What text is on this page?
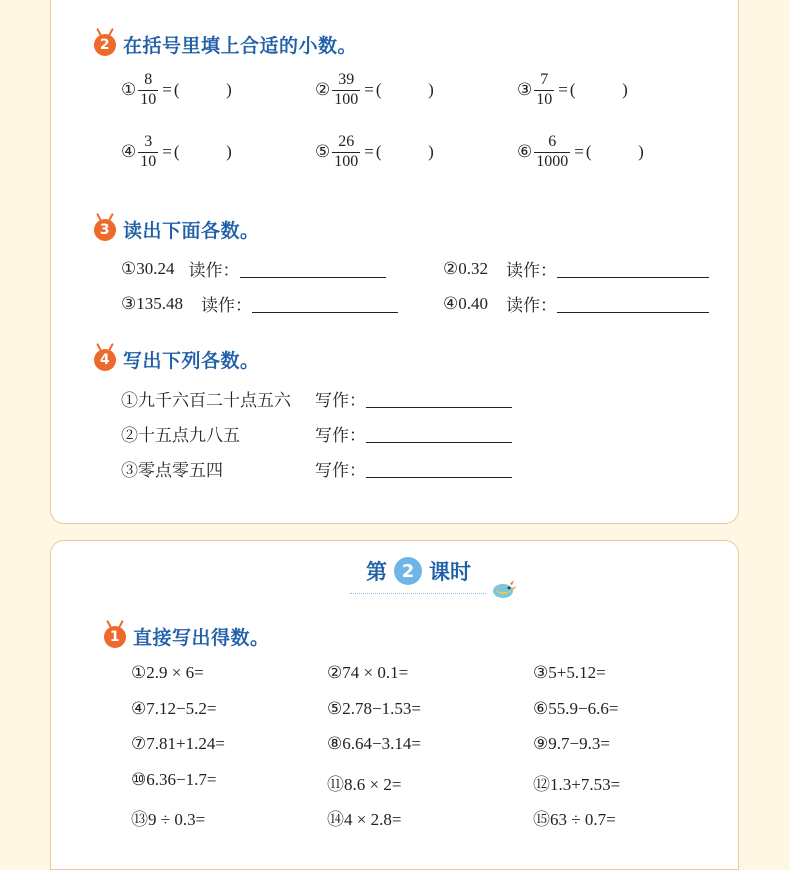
2 在括号里填上合适的小数。
① $\frac{8}{10}$ = (	)	② $\frac{39}{100}$ = (	)	③ $\frac{7}{10}$ = (	)
④ $\frac{3}{10}$ = (	)	⑤ $\frac{26}{100}$ = (	)	⑥ $\frac{6}{1000}$ = (	)
3 读出下面各数。
①30.24 读作：	②0.32 读作：
③135.48 读作：	④0.40 读作：
4 写出下列各数。
①九千六百二十点五六	写作：
②十五点九八五	写作：
③零点零五四	写作：
第 2 课时
1 直接写出得数。
①2.9 × 6=	②74 × 0.1=	③5+5.12=
④7.12−5.2=	⑤2.78−1.53=	⑥55.9−6.6=
⑦7.81+1.24=	⑧6.64−3.14=	⑨9.7−9.3=
⑩6.36−1.7=	⑪8.6 × 2=	⑫1.3+7.53=
⑬9 ÷ 0.3=	⑭4 × 2.8=	⑮63 ÷ 0.7=
